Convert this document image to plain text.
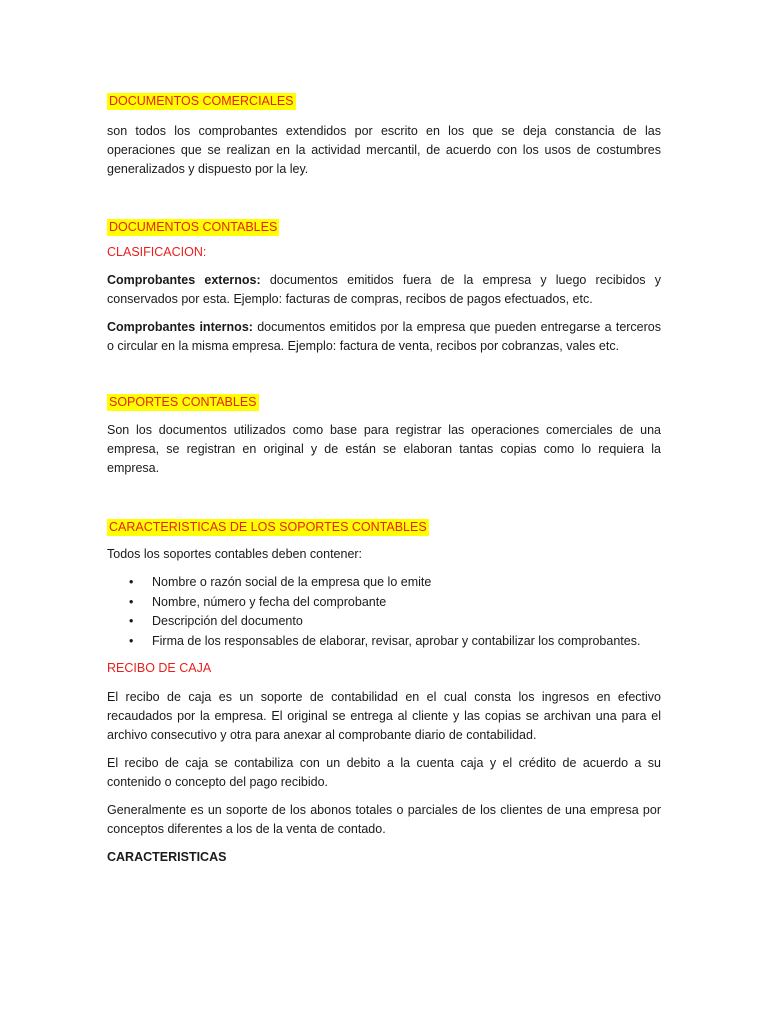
DOCUMENTOS COMERCIALES

son todos los comprobantes extendidos por escrito en los que se deja constancia de las operaciones que se realizan en la actividad mercantil, de acuerdo con los usos de costumbres generalizados y dispuesto por la ley.

DOCUMENTOS CONTABLES
CLASIFICACION:

Comprobantes externos: documentos emitidos fuera de la empresa y luego recibidos y conservados por esta. Ejemplo: facturas de compras, recibos de pagos efectuados, etc.

Comprobantes internos: documentos emitidos por la empresa que pueden entregarse a terceros o circular en la misma empresa. Ejemplo: factura de venta, recibos por cobranzas, vales etc.

SOPORTES CONTABLES

Son los documentos utilizados como base para registrar las operaciones comerciales de una empresa, se registran en original y de están se elaboran tantas copias como lo requiera la empresa.

CARACTERISTICAS DE LOS SOPORTES CONTABLES
Todos los soportes contables deben contener:
• Nombre o razón social de la empresa que lo emite
• Nombre, número y fecha del comprobante
• Descripción del documento
• Firma de los responsables de elaborar, revisar, aprobar y contabilizar los comprobantes.
RECIBO DE CAJA

El recibo de caja es un soporte de contabilidad en el cual consta los ingresos en efectivo recaudados por la empresa. El original se entrega al cliente y las copias se archivan una para el archivo consecutivo y otra para anexar al comprobante diario de contabilidad.

El recibo de caja se contabiliza con un debito a la cuenta caja y el crédito de acuerdo a su contenido o concepto del pago recibido.

Generalmente es un soporte de los abonos totales o parciales de los clientes de una empresa por conceptos diferentes a los de la venta de contado.

CARACTERISTICAS
